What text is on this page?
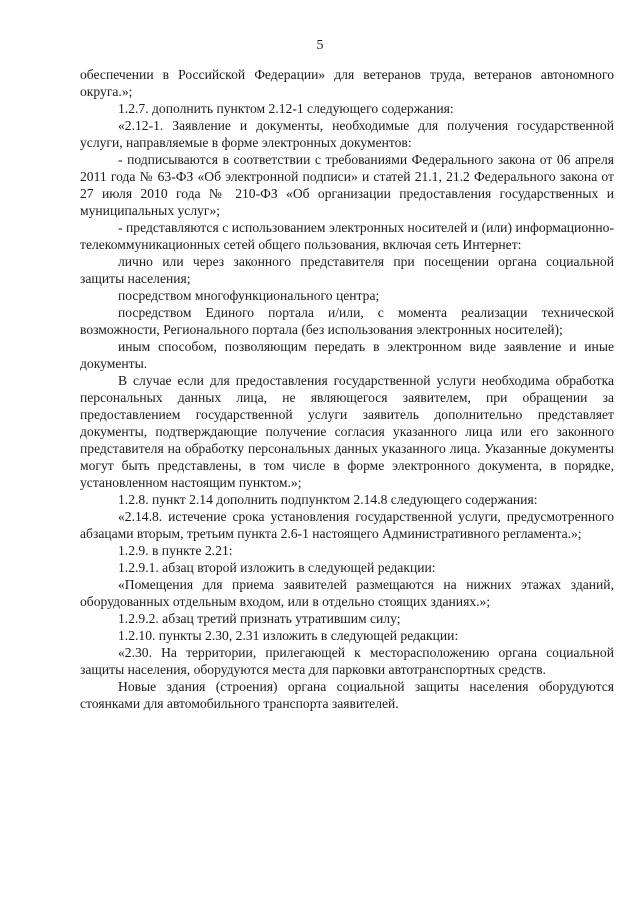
5

обеспечении в Российской Федерации» для ветеранов труда, ветеранов автономного округа.»;

1.2.7. дополнить пунктом 2.12-1 следующего содержания:

«2.12-1. Заявление и документы, необходимые для получения государственной услуги, направляемые в форме электронных документов:

- подписываются в соответствии с требованиями Федерального закона от 06 апреля 2011 года № 63-ФЗ «Об электронной подписи» и статей 21.1, 21.2 Федерального закона от 27 июля 2010 года № 210-ФЗ «Об организации предоставления государственных и муниципальных услуг»;

- представляются с использованием электронных носителей и (или) информационно-телекоммуникационных сетей общего пользования, включая сеть Интернет:

лично или через законного представителя при посещении органа социальной защиты населения;

посредством многофункционального центра;

посредством Единого портала и/или, с момента реализации технической возможности, Регионального портала (без использования электронных носителей);

иным способом, позволяющим передать в электронном виде заявление и иные документы.

В случае если для предоставления государственной услуги необходима обработка персональных данных лица, не являющегося заявителем, при обращении за предоставлением государственной услуги заявитель дополнительно представляет документы, подтверждающие получение согласия указанного лица или его законного представителя на обработку персональных данных указанного лица. Указанные документы могут быть представлены, в том числе в форме электронного документа, в порядке, установленном настоящим пунктом.»;

1.2.8. пункт 2.14 дополнить подпунктом 2.14.8 следующего содержания:

«2.14.8. истечение срока установления государственной услуги, предусмотренного абзацами вторым, третьим пункта 2.6-1 настоящего Административного регламента.»;

1.2.9. в пункте 2.21:

1.2.9.1. абзац второй изложить в следующей редакции:

«Помещения для приема заявителей размещаются на нижних этажах зданий, оборудованных отдельным входом, или в отдельно стоящих зданиях.»;

1.2.9.2. абзац третий признать утратившим силу;

1.2.10. пункты 2.30, 2.31 изложить в следующей редакции:

«2.30. На территории, прилегающей к месторасположению органа социальной защиты населения, оборудуются места для парковки автотранспортных средств.

Новые здания (строения) органа социальной защиты населения оборудуются стоянками для автомобильного транспорта заявителей.
